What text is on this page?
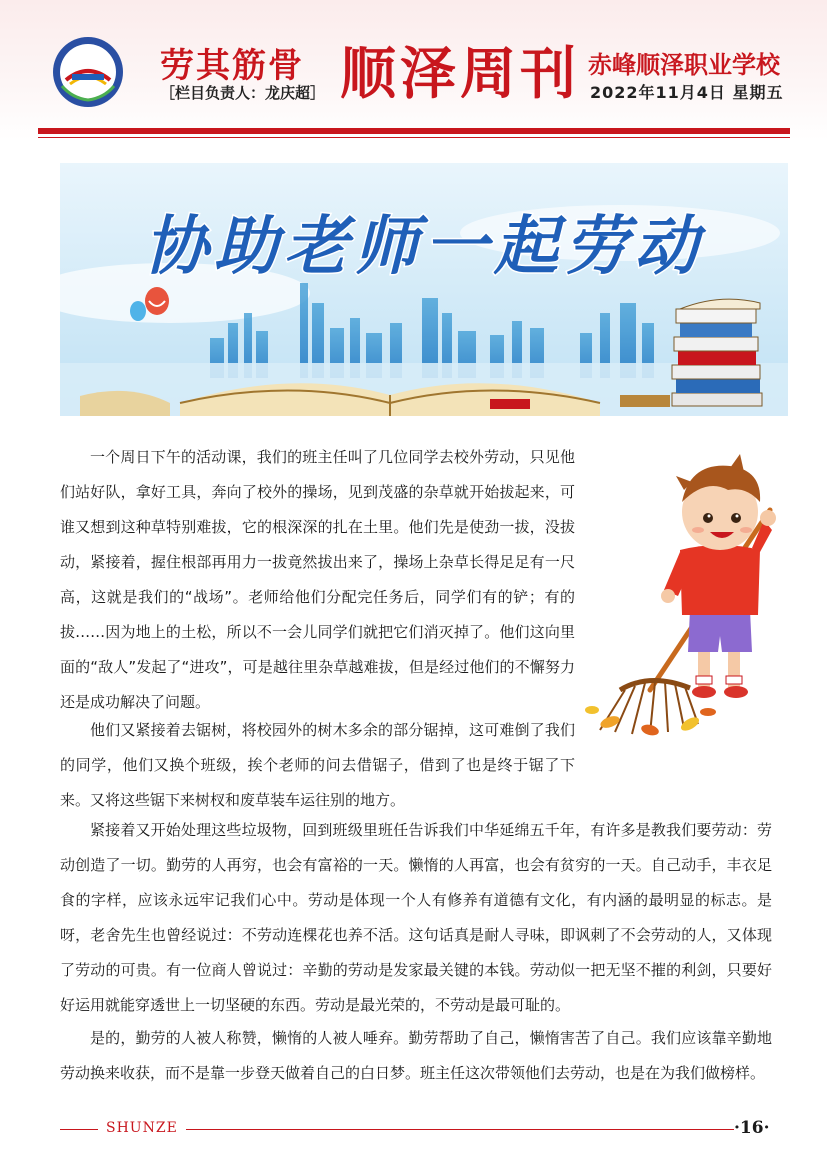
劳其筋骨
［栏目负责人：龙庆超］ 顺泽周刊 赤峰顺泽职业学校
2022年11月4日 星期五
协助老师一起劳动

一个周日下午的活动课，我们的班主任叫了几位同学去校外劳动，只见他们站好队，拿好工具，奔向了校外的操场，见到茂盛的杂草就开始拔起来，可谁又想到这种草特别难拔，它的根深深的扎在土里。他们先是使劲一拔，没拔动，紧接着，握住根部再用力一拔竟然拔出来了，操场上杂草长得足足有一尺高，这就是我们的“战场”。老师给他们分配完任务后，同学们有的铲；有的拔……因为地上的土松，所以不一会儿同学们就把它们消灭掉了。他们这向里面的“敌人”发起了“进攻”，可是越往里杂草越难拔，但是经过他们的不懈努力还是成功解决了问题。

他们又紧接着去锯树，将校园外的树木多余的部分锯掉，这可难倒了我们的同学，他们又换个班级，挨个老师的问去借锯子，借到了也是终于锯了下来。又将这些锯下来树杈和废草装车运往别的地方。

紧接着又开始处理这些垃圾物，回到班级里班任告诉我们中华延绵五千年，有许多是教我们要劳动：劳动创造了一切。勤劳的人再穷，也会有富裕的一天。懒惰的人再富，也会有贫穷的一天。自己动手，丰衣足食的字样，应该永远牢记我们心中。劳动是体现一个人有修养有道德有文化，有内涵的最明显的标志。是呀，老舍先生也曾经说过：不劳动连棵花也养不活。这句话真是耐人寻味，即讽刺了不会劳动的人，又体现了劳动的可贵。有一位商人曾说过：辛勤的劳动是发家最关键的本钱。劳动似一把无坚不摧的利剑，只要好好运用就能穿透世上一切坚硬的东西。劳动是最光荣的，不劳动是最可耻的。

是的，勤劳的人被人称赞，懒惰的人被人唾弃。勤劳帮助了自己，懒惰害苦了自己。我们应该靠辛勤地劳动换来收获，而不是靠一步登天做着自己的白日梦。班主任这次带领他们去劳动，也是在为我们做榜样。

SHUNZE	·16·
